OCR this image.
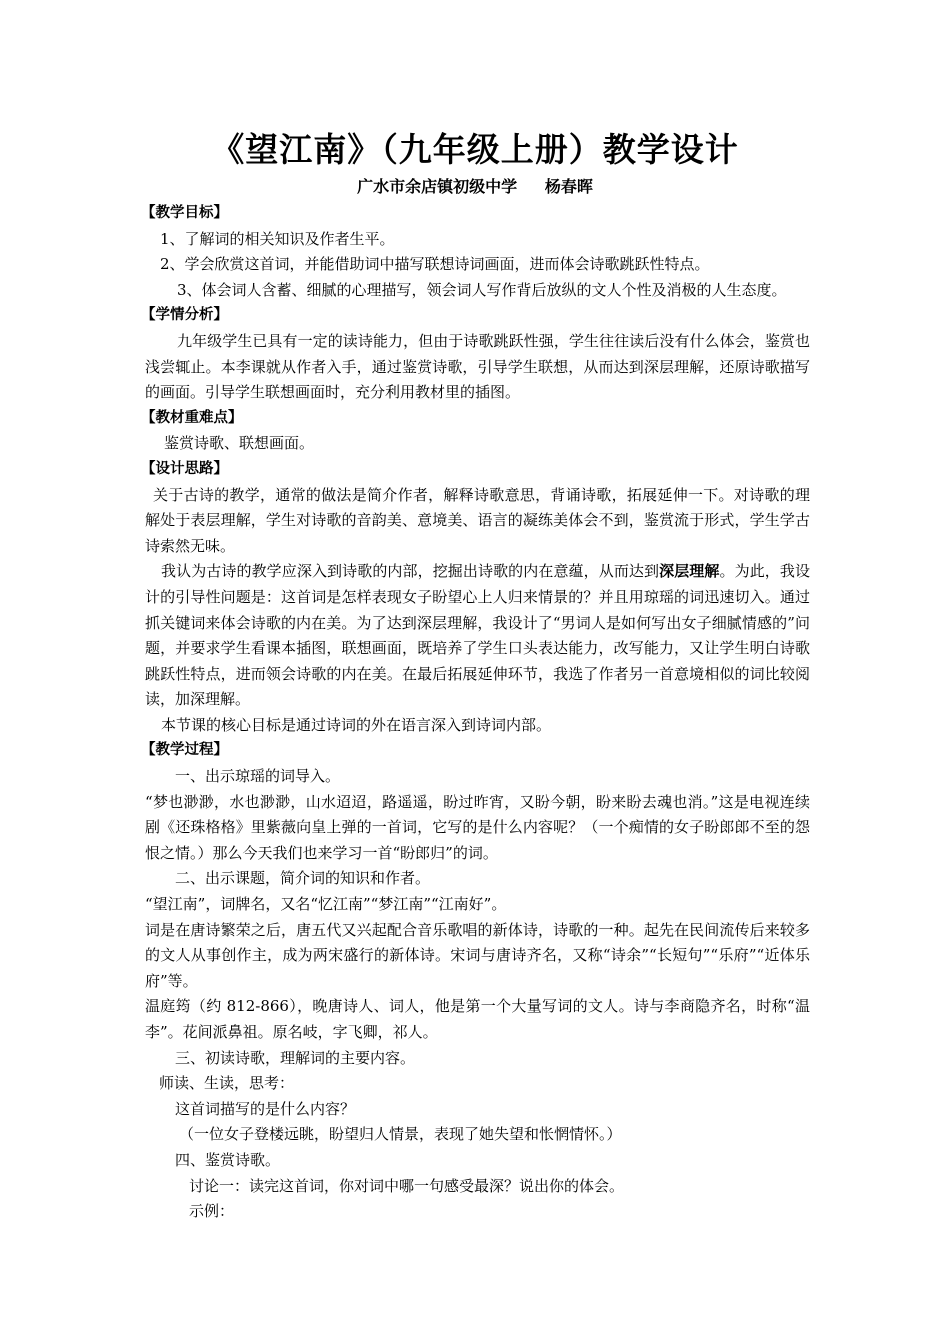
《望江南》（九年级上册）教学设计
广水市余店镇初级中学     杨春晖

【教学目标】

1、了解词的相关知识及作者生平。

2、学会欣赏这首词，并能借助词中描写联想诗词画面，进而体会诗歌跳跃性特点。

3、体会词人含蓄、细腻的心理描写，领会词人写作背后放纵的文人个性及消极的人生态度。

【学情分析】

九年级学生已具有一定的读诗能力，但由于诗歌跳跃性强，学生往往读后没有什么体会，鉴赏也浅尝辄止。本李课就从作者入手，通过鉴赏诗歌，引导学生联想，从而达到深层理解，还原诗歌描写的画面。引导学生联想画面时，充分利用教材里的插图。

【教材重难点】

鉴赏诗歌、联想画面。

【设计思路】

关于古诗的教学，通常的做法是简介作者，解释诗歌意思，背诵诗歌，拓展延伸一下。对诗歌的理解处于表层理解，学生对诗歌的音韵美、意境美、语言的凝练美体会不到，鉴赏流于形式，学生学古诗索然无味。

我认为古诗的教学应深入到诗歌的内部，挖掘出诗歌的内在意蕴，从而达到深层理解。为此，我设计的引导性问题是：这首词是怎样表现女子盼望心上人归来情景的？并且用琼瑶的词迅速切入。通过抓关键词来体会诗歌的内在美。为了达到深层理解，我设计了“男词人是如何写出女子细腻情感的”问题，并要求学生看课本插图，联想画面，既培养了学生口头表达能力，改写能力，又让学生明白诗歌跳跃性特点，进而领会诗歌的内在美。在最后拓展延伸环节，我选了作者另一首意境相似的词比较阅读，加深理解。

本节课的核心目标是通过诗词的外在语言深入到诗词内部。

【教学过程】

一、出示琼瑶的词导入。

“梦也渺渺，水也渺渺，山水迢迢，路遥遥，盼过昨宵，又盼今朝，盼来盼去魂也消。”这是电视连续剧《还珠格格》里紫薇向皇上弹的一首词，它写的是什么内容呢？（一个痴情的女子盼郎郎不至的怨恨之情。）那么今天我们也来学习一首“盼郎归”的词。

二、出示课题，简介词的知识和作者。

“望江南”，词牌名，又名“忆江南”“梦江南”“江南好”。

词是在唐诗繁荣之后，唐五代又兴起配合音乐歌唱的新体诗，诗歌的一种。起先在民间流传后来较多的文人从事创作主，成为两宋盛行的新体诗。宋词与唐诗齐名，又称“诗余”“长短句”“乐府”“近体乐府”等。

温庭筠（约 812-866），晚唐诗人、词人，他是第一个大量写词的文人。诗与李商隐齐名，时称“温李”。花间派鼻祖。原名岐，字飞卿，祁人。

三、初读诗歌，理解词的主要内容。

师读、生读，思考：

这首词描写的是什么内容？

（一位女子登楼远眺，盼望归人情景，表现了她失望和怅惘情怀。）

四、鉴赏诗歌。

讨论一：读完这首词，你对词中哪一句感受最深？说出你的体会。

示例：
